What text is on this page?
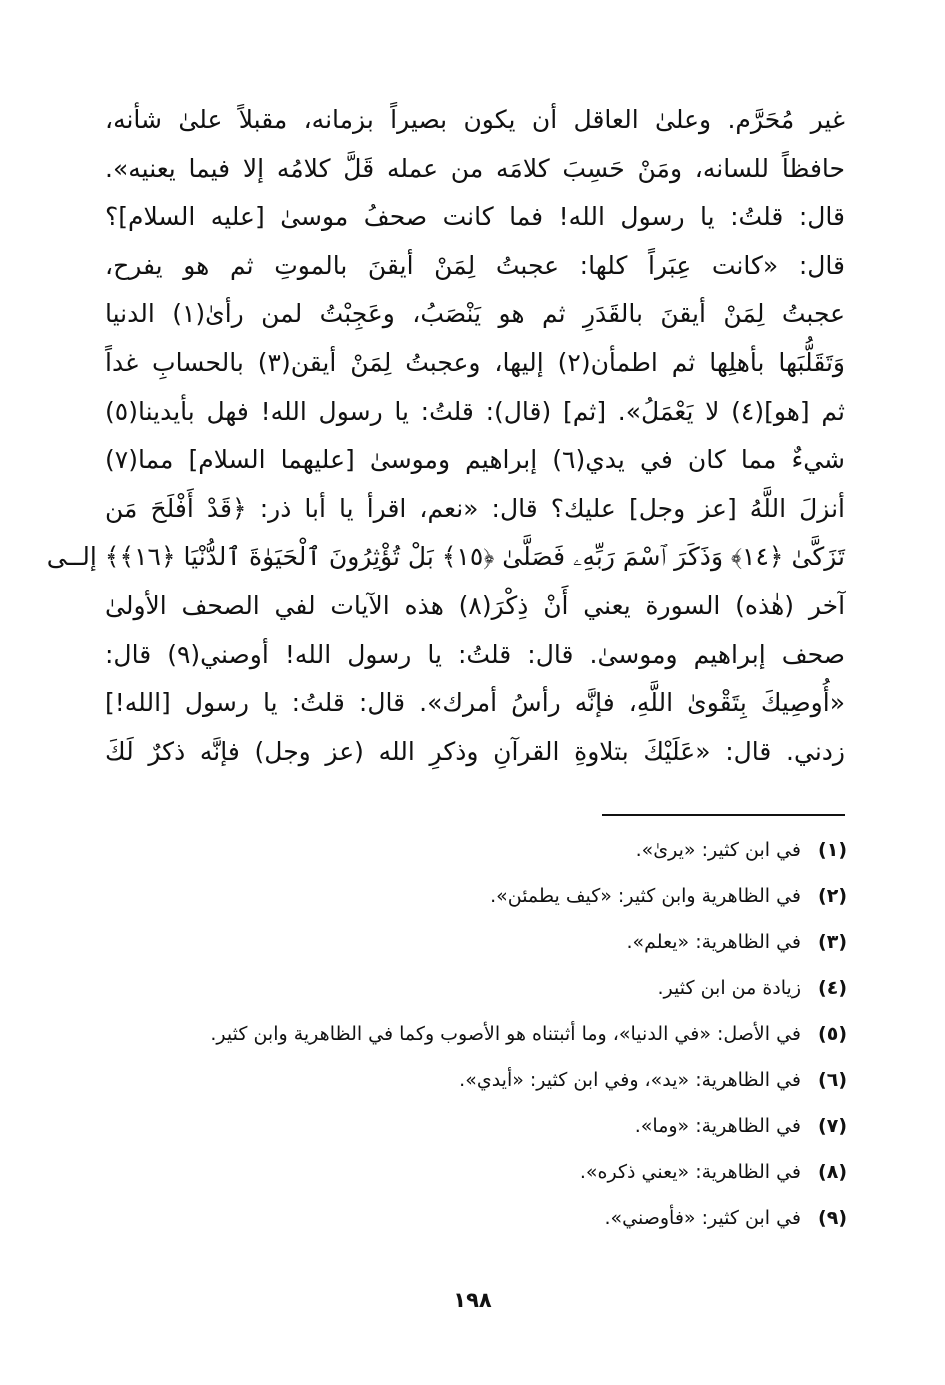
غير مُحَرَّم. وعلىٰ العاقل أن يكون بصيراً بزمانه، مقبلاً علىٰ شأنه،
حافظاً للسانه، ومَنْ حَسِبَ كلامَه من عمله قَلَّ كلامُه إلا فيما يعنيه».
قال: قلتُ: يا رسول الله! فما كانت صحفُ موسىٰ [عليه السلام]؟
قال: «كانت عِبَراً كلها: عجبتُ لِمَنْ أيقنَ بالموتِ ثم هو يفرح،
عجبتُ لِمَنْ أيقنَ بالقَدَرِ ثم هو يَنْصَبُ، وعَجِبْتُ لمن رأىٰ(١) الدنيا
وَتَقَلُّبَها بأهلِها ثم اطمأن(٢) إليها، وعجبتُ لِمَنْ أيقن(٣) بالحسابِ غداً
ثم [هو](٤) لا يَعْمَلُ». [ثم] (قال): قلتُ: يا رسول الله! فهل بأيدينا(٥)
شيءٌ مما كان في يدي(٦) إبراهيم وموسىٰ [عليهما السلام] مما(٧)
أنزلَ اللَّهُ [عز وجل] عليك؟ قال: «نعم، اقرأ يا أبا ذر: ﴿قَدْ أَفْلَحَ مَن
تَزَكَّىٰ ﴿١٤﴾ وَذَكَرَ ٱسْمَ رَبِّهِۦ فَصَلَّىٰ ﴿١٥﴾ بَلْ تُؤْثِرُونَ ٱلْحَيَوٰةَ ٱلدُّنْيَا ﴿١٦﴾﴾ إلــى
آخر (هٰذه) السورة يعني أَنْ ذِكْرَ(٨) هذه الآيات لفي الصحف الأولىٰ
صحف إبراهيم وموسىٰ. قال: قلتُ: يا رسول الله! أوصني(٩) قال:
«أُوصِيكَ بِتَقْوىٰ اللَّهِ، فإنَّه رأسُ أمرك». قال: قلتُ: يا رسول [الله!]
زدني. قال: «عَلَيْكَ بتلاوةِ القرآنِ وذكرِ الله (عز وجل) فإنَّه ذكرٌ لَكَ
(١)
في ابن كثير: «يرىٰ».
(٢)
في الظاهرية وابن كثير: «كيف يطمئن».
(٣)
في الظاهرية: «يعلم».
(٤)
زيادة من ابن كثير.
(٥)
في الأصل: «في الدنيا»، وما أثبتناه هو الأصوب وكما في الظاهرية وابن كثير.
(٦)
في الظاهرية: «يد»، وفي ابن كثير: «أيدي».
(٧)
في الظاهرية: «وما».
(٨)
في الظاهرية: «يعني ذكره».
(٩)
في ابن كثير: «فأوصني».
١٩٨
